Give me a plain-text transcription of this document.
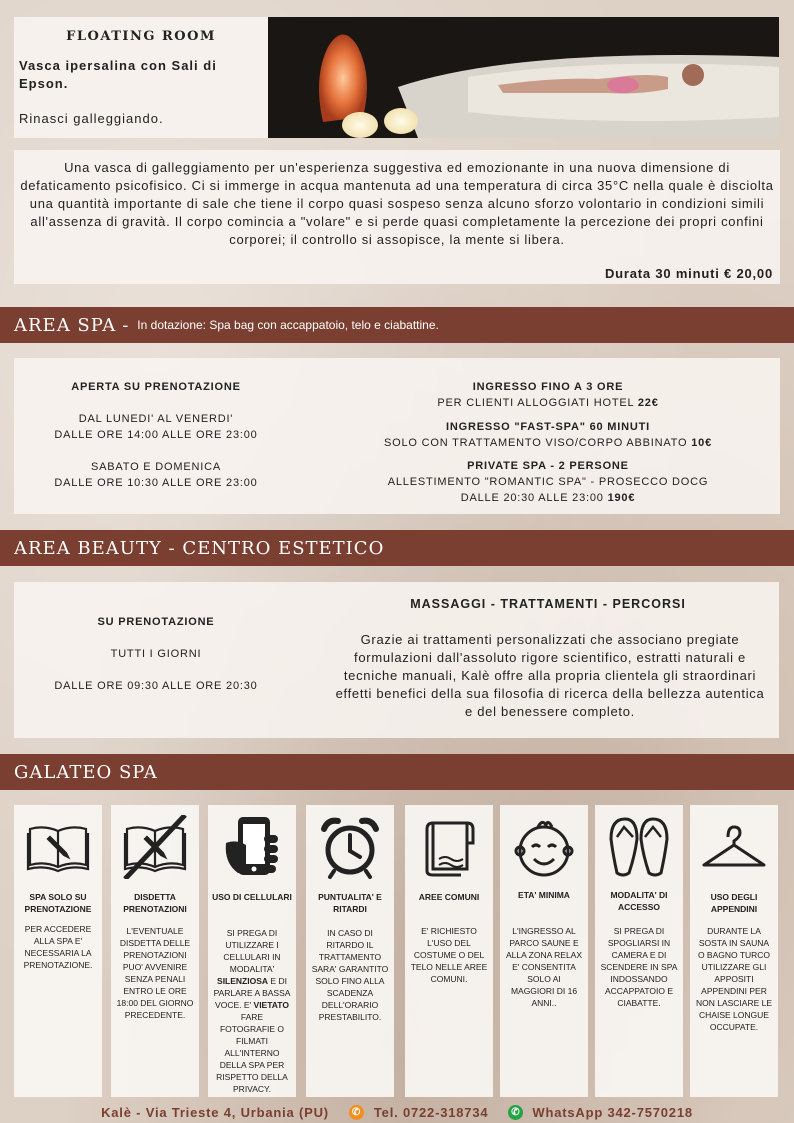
FLOATING ROOM
Vasca ipersalina con Sali di Epson.
Rinasci galleggiando.
Una vasca di galleggiamento per un'esperienza suggestiva ed emozionante in una nuova dimensione di defaticamento psicofisico. Ci si immerge in acqua mantenuta ad una temperatura di circa 35°C nella quale è disciolta una quantità importante di sale che tiene il corpo quasi sospeso senza alcuno sforzo volontario in condizioni simili all'assenza di gravità. Il corpo comincia a "volare" e si perde quasi completamente la percezione dei propri confini corporei; il controllo si assopisce, la mente si libera.
Durata 30 minuti € 20,00
AREA SPA - In dotazione: Spa bag con accappatoio, telo e ciabattine.
APERTA SU PRENOTAZIONE
DAL LUNEDI' AL VENERDI'
DALLE ORE 14:00 ALLE ORE 23:00
SABATO E DOMENICA
DALLE ORE 10:30 ALLE ORE 23:00
INGRESSO FINO A 3 ORE
PER CLIENTI ALLOGGIATI HOTEL 22€
INGRESSO "FAST-SPA" 60 MINUTI
SOLO CON TRATTAMENTO VISO/CORPO ABBINATO 10€
PRIVATE SPA - 2 PERSONE
ALLESTIMENTO "ROMANTIC SPA" - PROSECCO DOCG
DALLE 20:30 ALLE 23:00 190€
AREA BEAUTY - CENTRO ESTETICO
SU PRENOTAZIONE
TUTTI I GIORNI
DALLE ORE 09:30 ALLE ORE 20:30
MASSAGGI - TRATTAMENTI - PERCORSI
Grazie ai trattamenti personalizzati che associano pregiate formulazioni dall'assoluto rigore scientifico, estratti naturali e tecniche manuali, Kalè offre alla propria clientela gli straordinari effetti benefici della sua filosofia di ricerca della bellezza autentica e del benessere completo.
GALATEO SPA
SPA SOLO SU PRENOTAZIONE
PER ACCEDERE ALLA SPA E' NECESSARIA LA PRENOTAZIONE.
DISDETTA PRENOTAZIONI
L'EVENTUALE DISDETTA DELLE PRENOTAZIONI PUO' AVVENIRE SENZA PENALI ENTRO LE ORE 18:00 DEL GIORNO PRECEDENTE.
USO DI CELLULARI
SI PREGA DI UTILIZZARE I CELLULARI IN MODALITA' SILENZIOSA E DI PARLARE A BASSA VOCE. E' VIETATO FARE FOTOGRAFIE O FILMATI ALL'INTERNO DELLA SPA PER RISPETTO DELLA PRIVACY.
PUNTUALITA' E RITARDI
IN CASO DI RITARDO IL TRATTAMENTO SARA' GARANTITO SOLO FINO ALLA SCADENZA DELL'ORARIO PRESTABILITO.
AREE COMUNI
E' RICHIESTO L'USO DEL COSTUME O DEL TELO NELLE AREE COMUNI.
ETA' MINIMA
L'INGRESSO AL PARCO SAUNE E ALLA ZONA RELAX E' CONSENTITA SOLO AI MAGGIORI DI 16 ANNI..
MODALITA' DI ACCESSO
SI PREGA DI SPOGLIARSI IN CAMERA E DI SCENDERE IN SPA INDOSSANDO ACCAPPATOIO E CIABATTE.
USO DEGLI APPENDINI
DURANTE LA SOSTA IN SAUNA O BAGNO TURCO UTILIZZARE GLI APPOSITI APPENDINI PER NON LASCIARE LE CHAISE LONGUE OCCUPATE.
Kalè - Via Trieste 4, Urbania (PU) ✆ Tel. 0722-318734 ✆ WhatsApp 342-7570218
